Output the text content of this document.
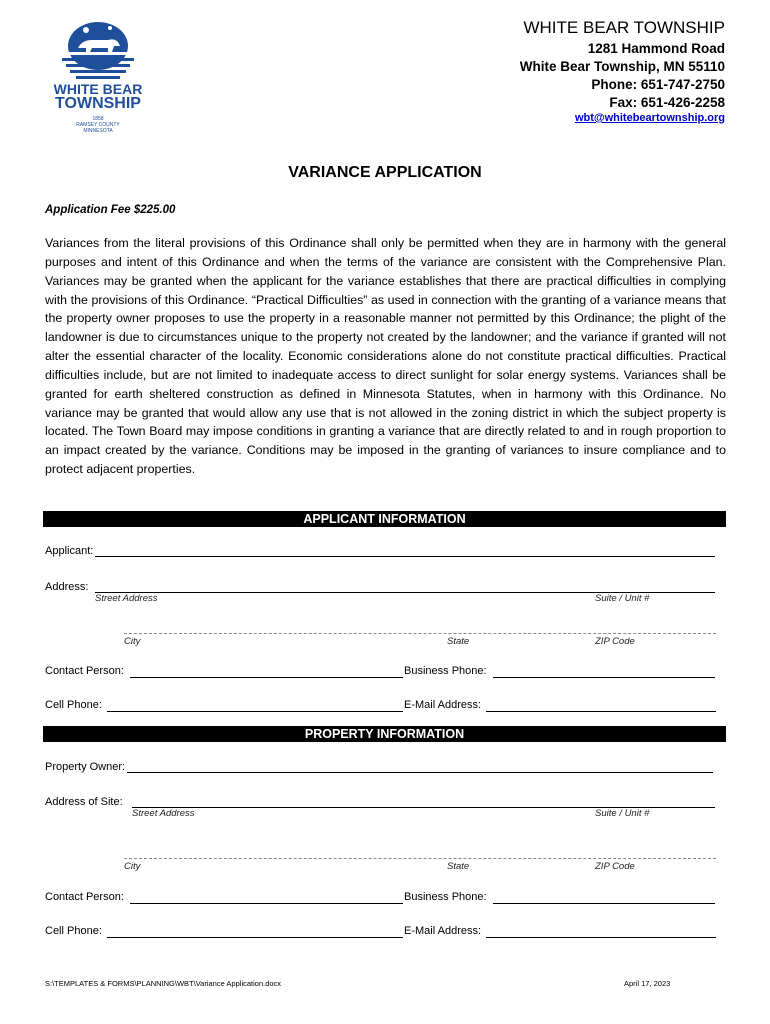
WHITE BEAR
TOWNSHIP
1858
RAMSEY COUNTY
MINNESOTA
WHITE BEAR TOWNSHIP
1281 Hammond Road
White Bear Township, MN 55110
Phone: 651-747-2750
Fax: 651-426-2258
wbt@whitebeartownship.org
VARIANCE APPLICATION
Application Fee $225.00
Variances from the literal provisions of this Ordinance shall only be permitted when they are in harmony with the general purposes and intent of this Ordinance and when the terms of the variance are consistent with the Comprehensive Plan. Variances may be granted when the applicant for the variance establishes that there are practical difficulties in complying with the provisions of this Ordinance. “Practical Difficulties” as used in connection with the granting of a variance means that the property owner proposes to use the property in a reasonable manner not permitted by this Ordinance; the plight of the landowner is due to circumstances unique to the property not created by the landowner; and the variance if granted will not alter the essential character of the locality. Economic considerations alone do not constitute practical difficulties. Practical difficulties include, but are not limited to inadequate access to direct sunlight for solar energy systems. Variances shall be granted for earth sheltered construction as defined in Minnesota Statutes, when in harmony with this Ordinance. No variance may be granted that would allow any use that is not allowed in the zoning district in which the subject property is located. The Town Board may impose conditions in granting a variance that are directly related to and in rough proportion to an impact created by the variance. Conditions may be imposed in the granting of variances to insure compliance and to protect adjacent properties.
APPLICANT INFORMATION
Applicant:
Address:
Street Address	Suite / Unit #
City	State	ZIP Code
Contact Person:	Business Phone:
Cell Phone:	E-Mail Address:
PROPERTY INFORMATION
Property Owner:
Address of Site:
Street Address	Suite / Unit #
City	State	ZIP Code
Contact Person:	Business Phone:
Cell Phone:	E-Mail Address:
S:\TEMPLATES & FORMS\PLANNING\WBT\Variance Application.docx	April 17, 2023
